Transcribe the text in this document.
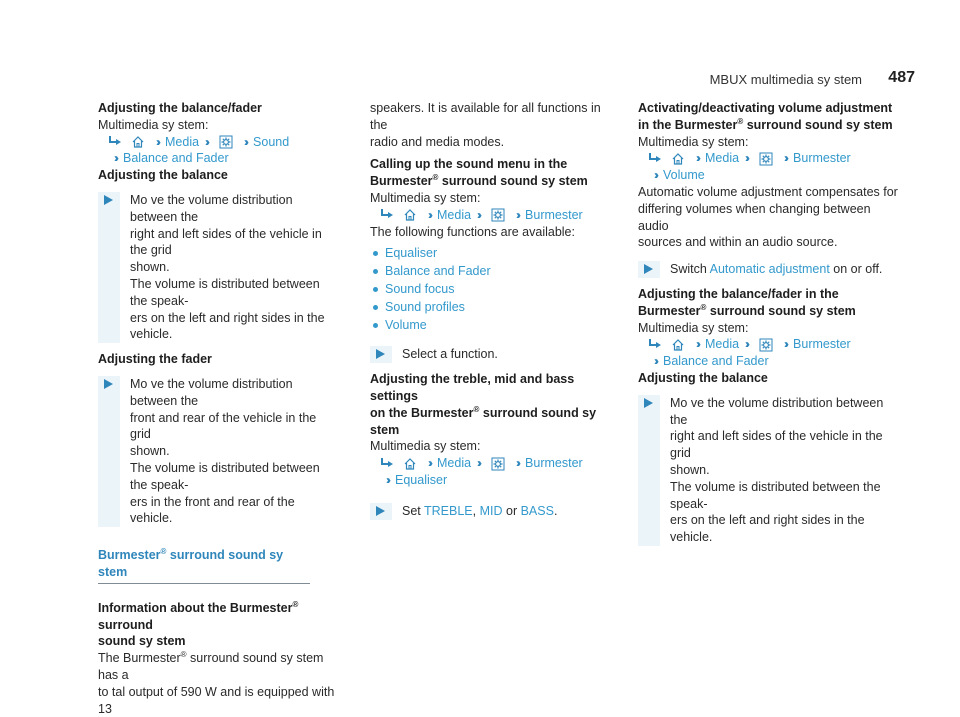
MBUX multimedia sy stem 487
Adjusting the balance/fader
Multimedia sy stem:
›› Media ››	›› Sound
›› Balance and Fader
Adjusting the balance
Mo ve the volume distribution between the
right and left sides of the vehicle in the grid
shown.
The volume is distributed between the speak‐
ers on the left and right sides in the vehicle.
Adjusting the fader
Mo ve the volume distribution between the
front and rear of the vehicle in the grid
shown.
The volume is distributed between the speak‐
ers in the front and rear of the vehicle.
Burmester® surround sound sy stem
Information about the Burmester® surround
sound sy stem
The Burmester® surround sound sy stem has a
to tal output of 590 W and is equipped with 13
speakers. It is available for all functions in the
radio and media modes.
Calling up the sound menu in the
Burmester® surround sound sy stem
Multimedia sy stem:
›› Media ››	›› Burmester
The following functions are available:
Equaliser
Balance and Fader
Sound focus
Sound profiles
Volume
Select a function.
Adjusting the treble, mid and bass settings
on the Burmester® surround sound sy stem
Multimedia sy stem:
›› Media ››	›› Burmester
›› Equaliser
Set TREBLE, MID or BASS.
Activating/deactivating volume adjustment
in the Burmester® surround sound sy stem
Multimedia sy stem:
›› Media ››	›› Burmester
›› Volume
Automatic volume adjustment compensates for
differing volumes when changing between audio
sources and within an audio source.
Switch Automatic adjustment on or off.
Adjusting the balance/fader in the
Burmester® surround sound sy stem
Multimedia sy stem:
›› Media ››	›› Burmester
›› Balance and Fader
Adjusting the balance
Mo ve the volume distribution between the
right and left sides of the vehicle in the grid
shown.
The volume is distributed between the speak‐
ers on the left and right sides in the vehicle.
